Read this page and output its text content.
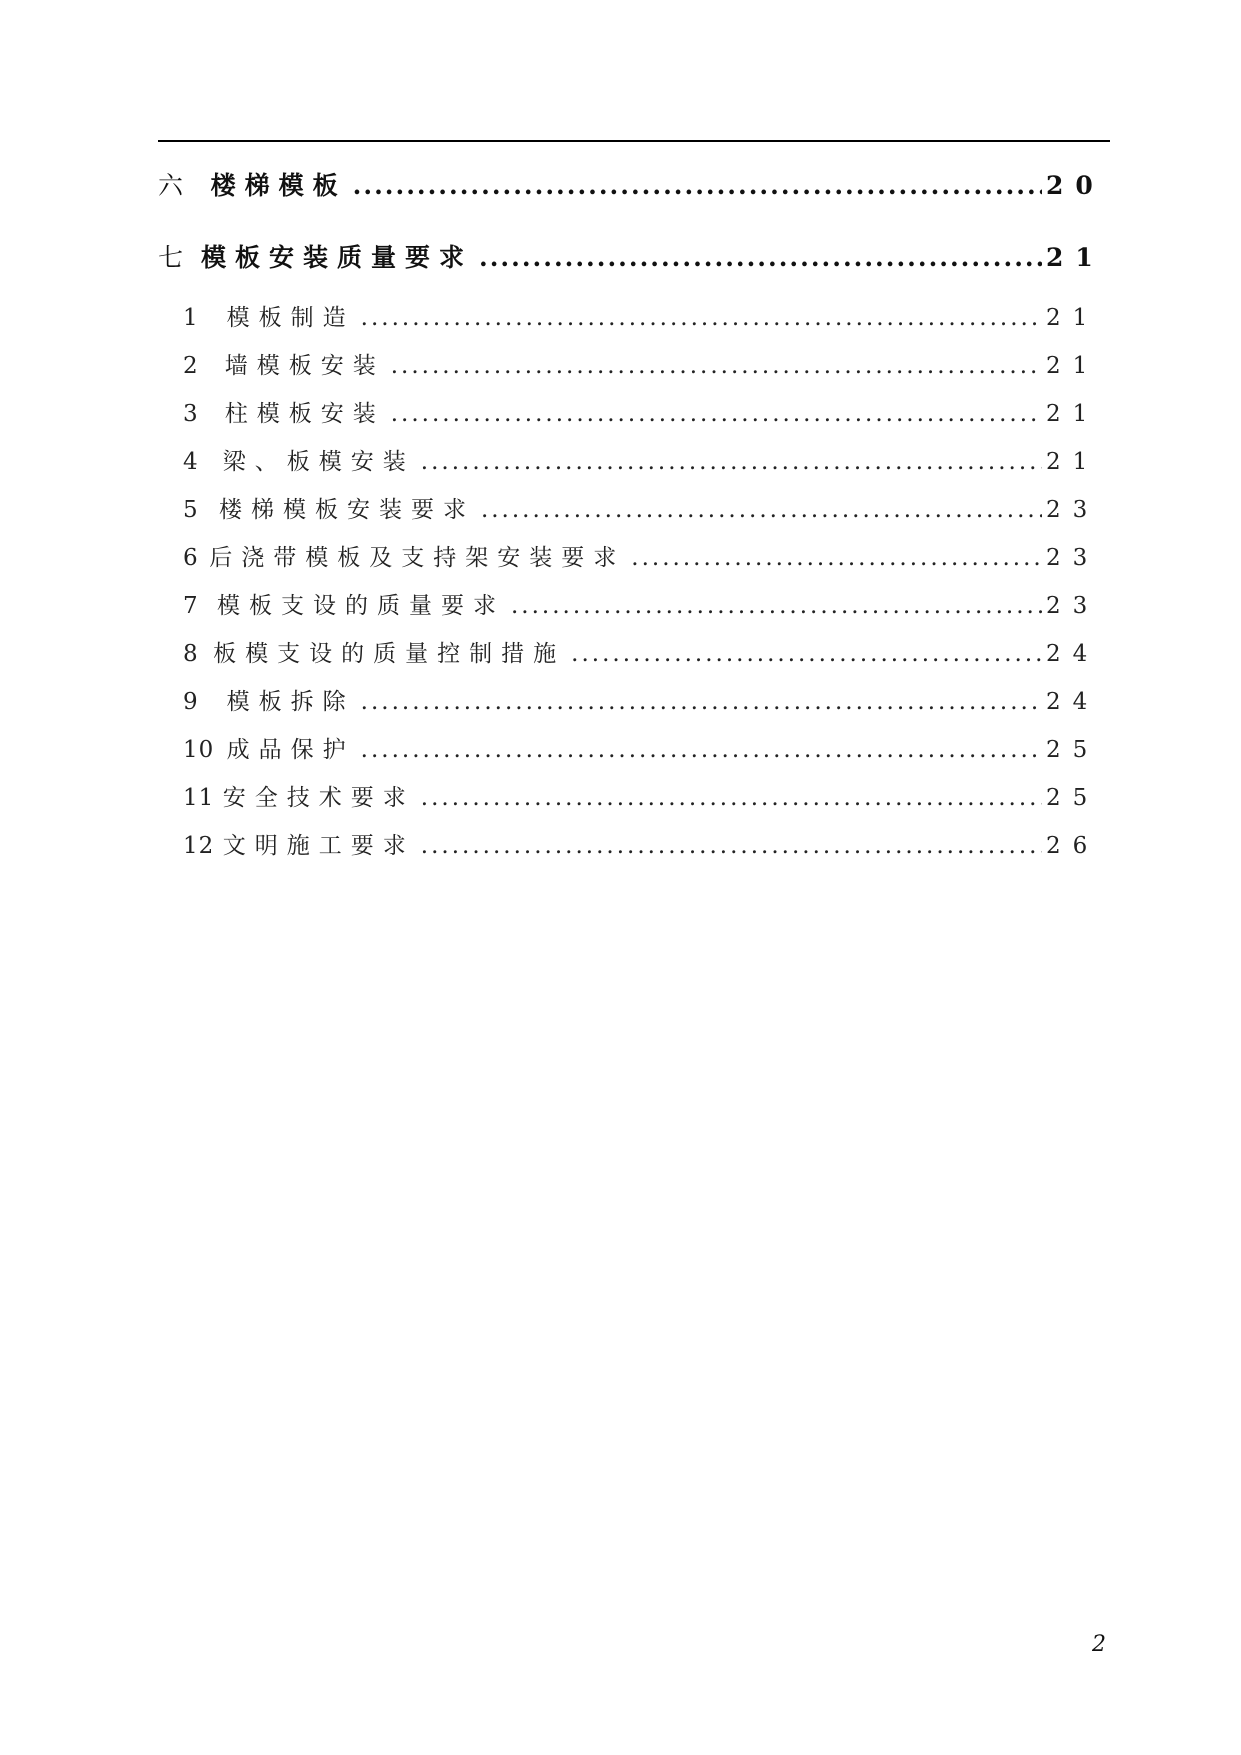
六	楼梯模板 .....	20
七 模板安装质量要求 .....	21
1	模板制造 .....	21
2	墙模板安装 .....	21
3	柱模板安装 .....	21
4	梁、板模安装 .....	21
5 楼梯模板安装要求 .....	23
6 后浇带模板及支持架安装要求 .....	23
7 模板支设的质量要求 .....	23
8 板模支设的质量控制措施 .....	24
9	模板拆除 .....	24
10 成品保护 .....	25
11 安全技术要求 .....	25
12 文明施工要求 .....	26
2
